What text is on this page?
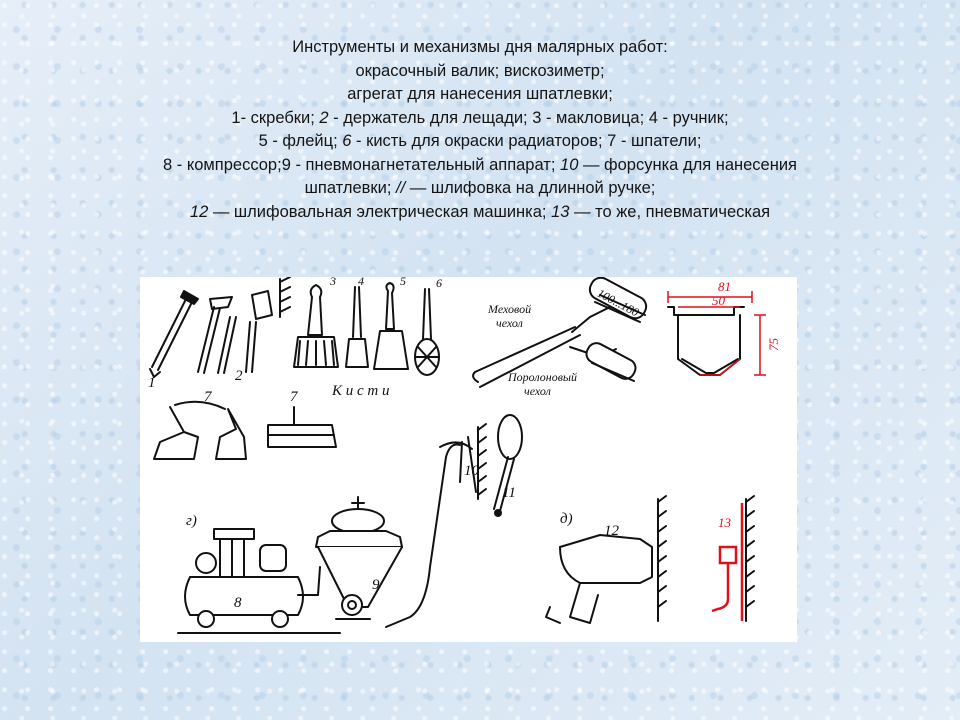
Инструменты и механизмы дня малярных работ:
окрасочный валик; вискозиметр;
агрегат для нанесения шпатлевки;
1- скребки; 2 - держатель для лещади; 3 - макловица; 4 - ручник;
5 - флейц; 6 - кисть для окраски радиаторов; 7 - шпатели;
8 - компрессор;9 - пневмонагнетательный аппарат; 10 — форсунка для нанесения
шпатлевки; // — шлифовка на длинной ручке;
12 — шлифовальная электрическая машинка; 13 — то же, пневматическая
1	2
3 4	5	6
К и с т и
7	7
Меховой
чехол
Поролоновый
чехол
100...180	81
50
75
г)
8
9
10
11
д)
12
13
